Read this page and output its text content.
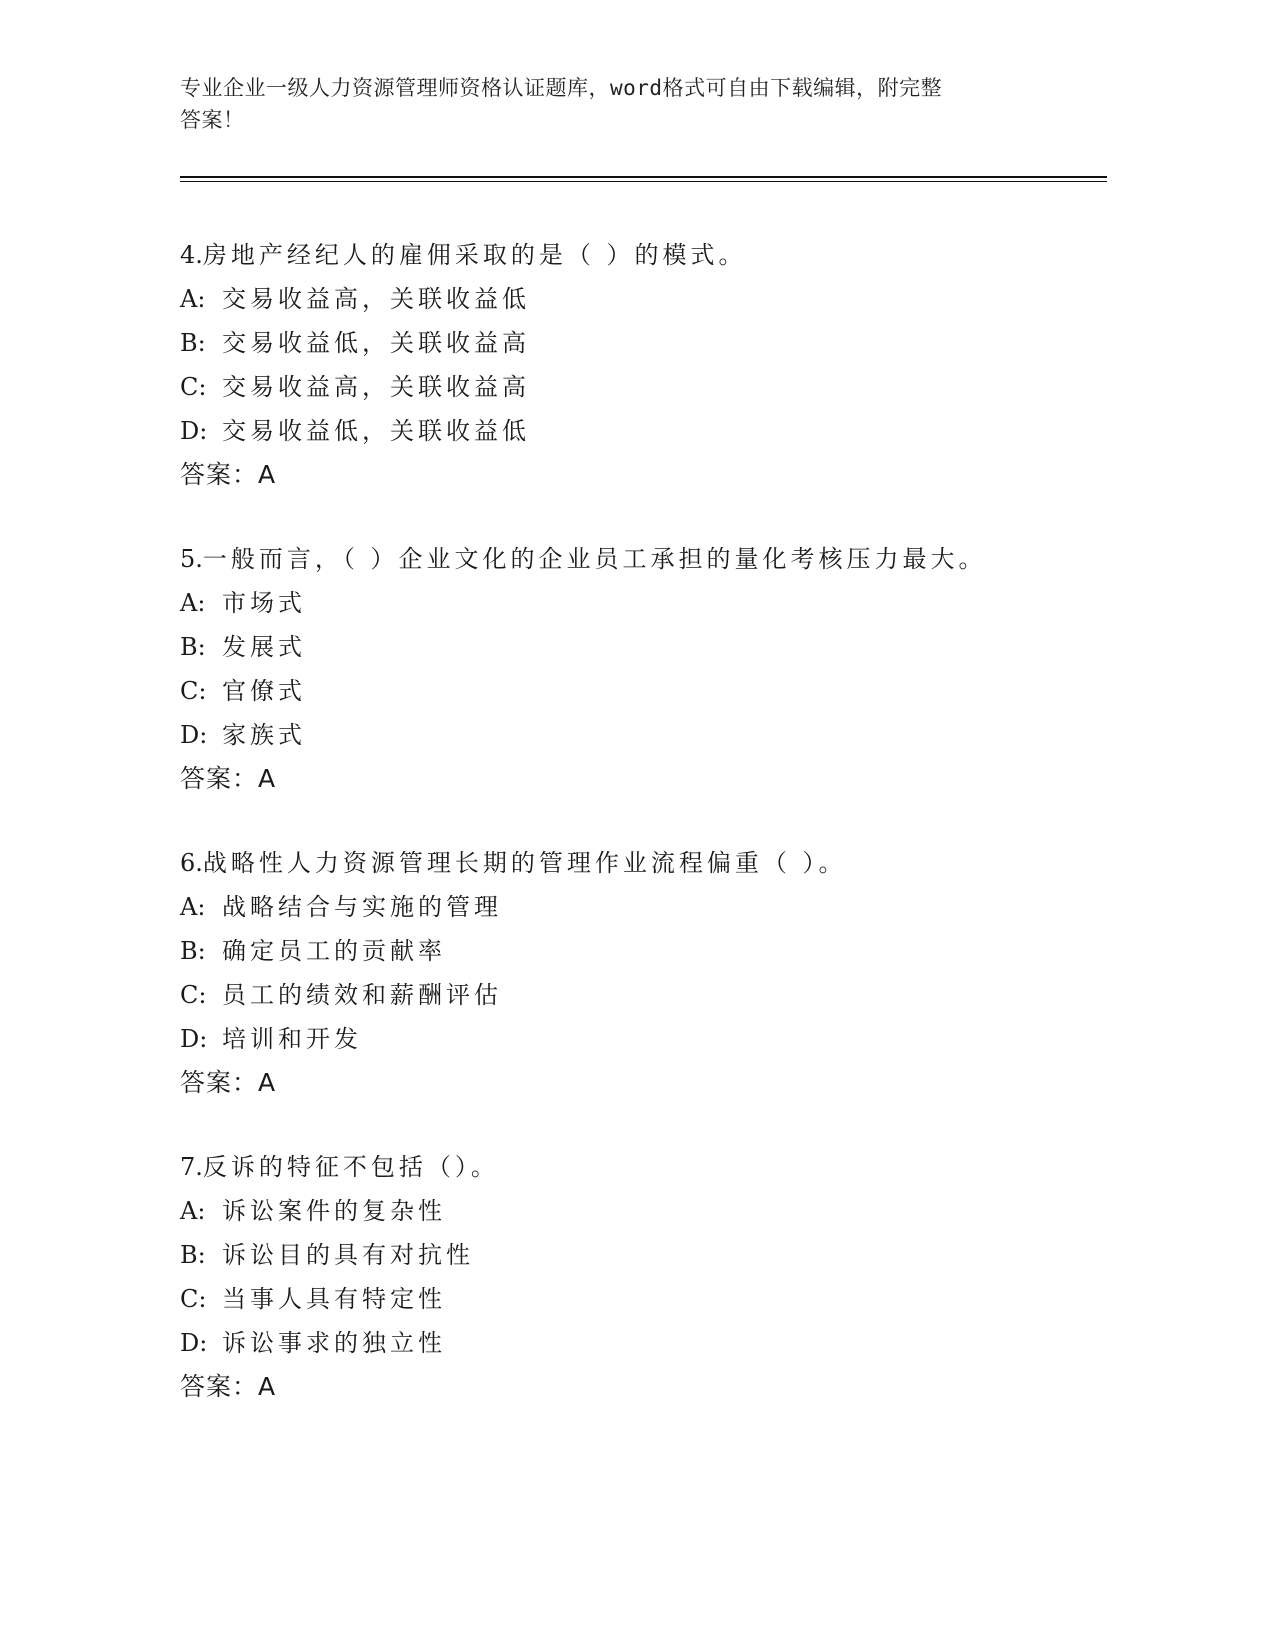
专业企业一级人力资源管理师资格认证题库，word格式可自由下载编辑，附完整
答案！
4.房地产经纪人的雇佣采取的是（ ）的模式。
A: 交易收益高，关联收益低
B: 交易收益低，关联收益高
C: 交易收益高，关联收益高
D: 交易收益低，关联收益低
答案：A
5.一般而言，（ ）企业文化的企业员工承担的量化考核压力最大。
A: 市场式
B: 发展式
C: 官僚式
D: 家族式
答案：A
6.战略性人力资源管理长期的管理作业流程偏重（ ）。
A: 战略结合与实施的管理
B: 确定员工的贡献率
C: 员工的绩效和薪酬评估
D: 培训和开发
答案：A
7.反诉的特征不包括（）。
A: 诉讼案件的复杂性
B: 诉讼目的具有对抗性
C: 当事人具有特定性
D: 诉讼事求的独立性
答案：A
